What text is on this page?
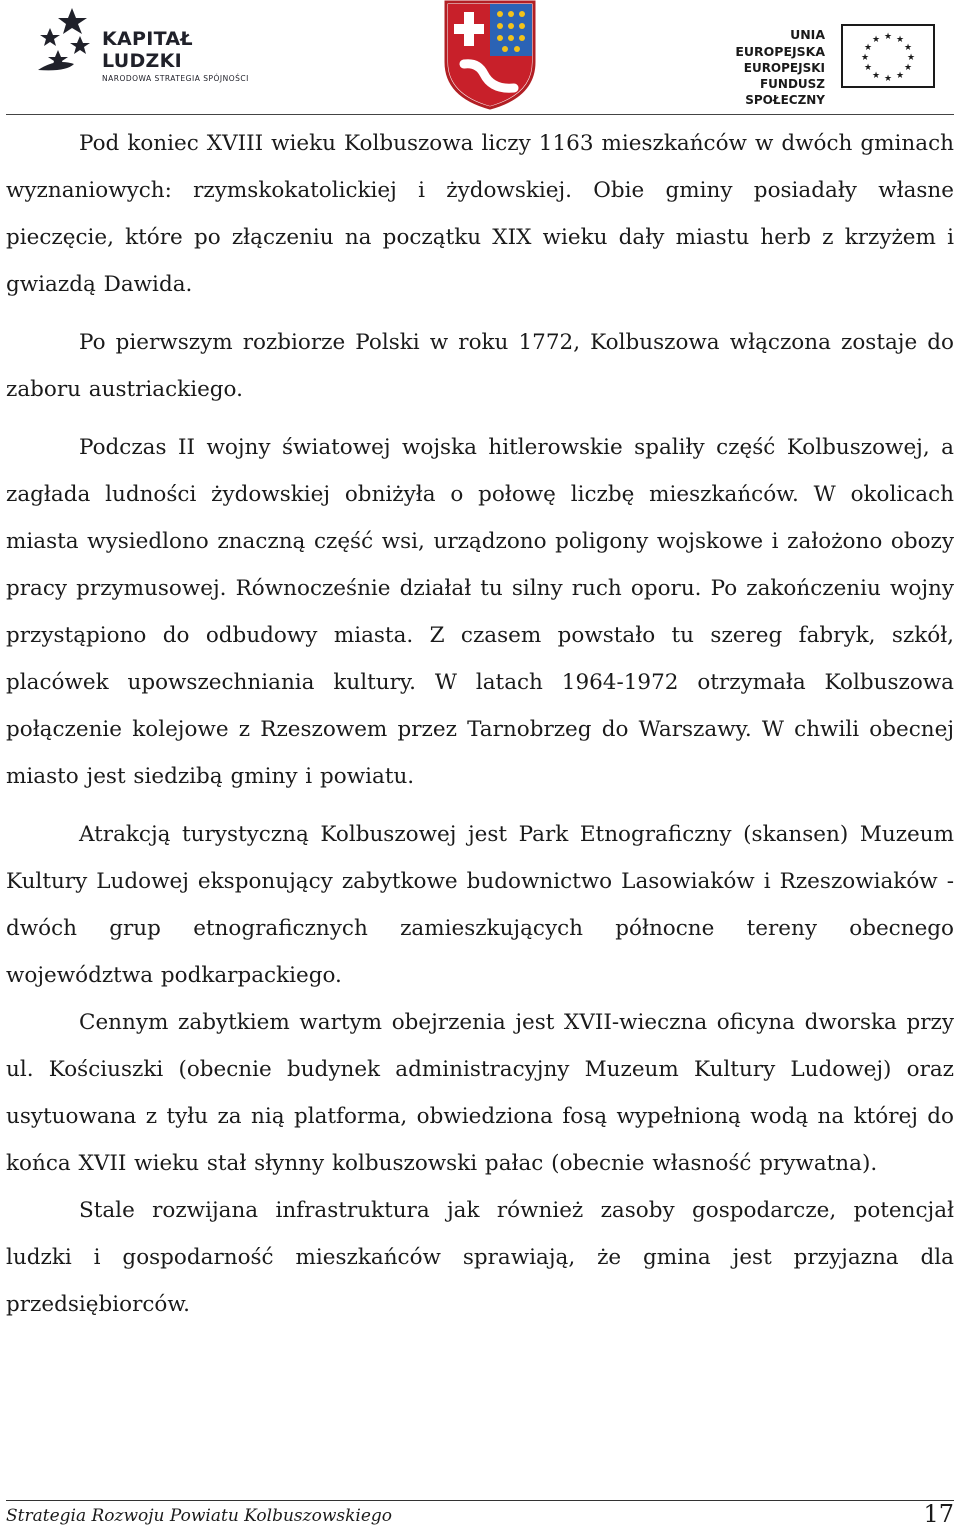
KAPITAŁ LUDZKI
NARODOWA STRATEGIA SPÓJNOŚCI
UNIA EUROPEJSKA
EUROPEJSKI
FUNDUSZ SPOŁECZNY
★ ★
★
★
★
★
★
★
★
★
★
★

Pod koniec XVIII wieku Kolbuszowa liczy 1163 mieszkańców w dwóch gminach wyznaniowych: rzymskokatolickiej i żydowskiej. Obie gminy posiadały własne pieczęcie, które po złączeniu na początku XIX wieku dały miastu herb z krzyżem i gwiazdą Dawida.

Po pierwszym rozbiorze Polski w roku 1772, Kolbuszowa włączona zostaje do zaboru austriackiego.

Podczas II wojny światowej wojska hitlerowskie spaliły część Kolbuszowej, a zagłada ludności żydowskiej obniżyła o połowę liczbę mieszkańców. W okolicach miasta wysiedlono znaczną część wsi, urządzono poligony wojskowe i założono obozy pracy przymusowej. Równocześnie działał tu silny ruch oporu. Po zakończeniu wojny przystąpiono do odbudowy miasta. Z czasem powstało tu szereg fabryk, szkół, placówek upowszechniania kultury. W latach 1964-1972 otrzymała Kolbuszowa połączenie kolejowe z Rzeszowem przez Tarnobrzeg do Warszawy. W chwili obecnej miasto jest siedzibą gminy i powiatu.

Atrakcją turystyczną Kolbuszowej jest Park Etnograficzny (skansen) Muzeum Kultury Ludowej eksponujący zabytkowe budownictwo Lasowiaków i Rzeszowiaków - dwóch grup etnograficznych zamieszkujących północne tereny obecnego województwa podkarpackiego.

Cennym zabytkiem wartym obejrzenia jest XVII-wieczna oficyna dworska przy ul. Kościuszki (obecnie budynek administracyjny Muzeum Kultury Ludowej) oraz usytuowana z tyłu za nią platforma, obwiedziona fosą wypełnioną wodą na której do końca XVII wieku stał słynny kolbuszowski pałac (obecnie własność prywatna).

Stale rozwijana infrastruktura jak również zasoby gospodarcze, potencjał ludzki i gospodarność mieszkańców sprawiają, że gmina jest przyjazna dla przedsiębiorców.

Strategia Rozwoju Powiatu Kolbuszowskiego	17
